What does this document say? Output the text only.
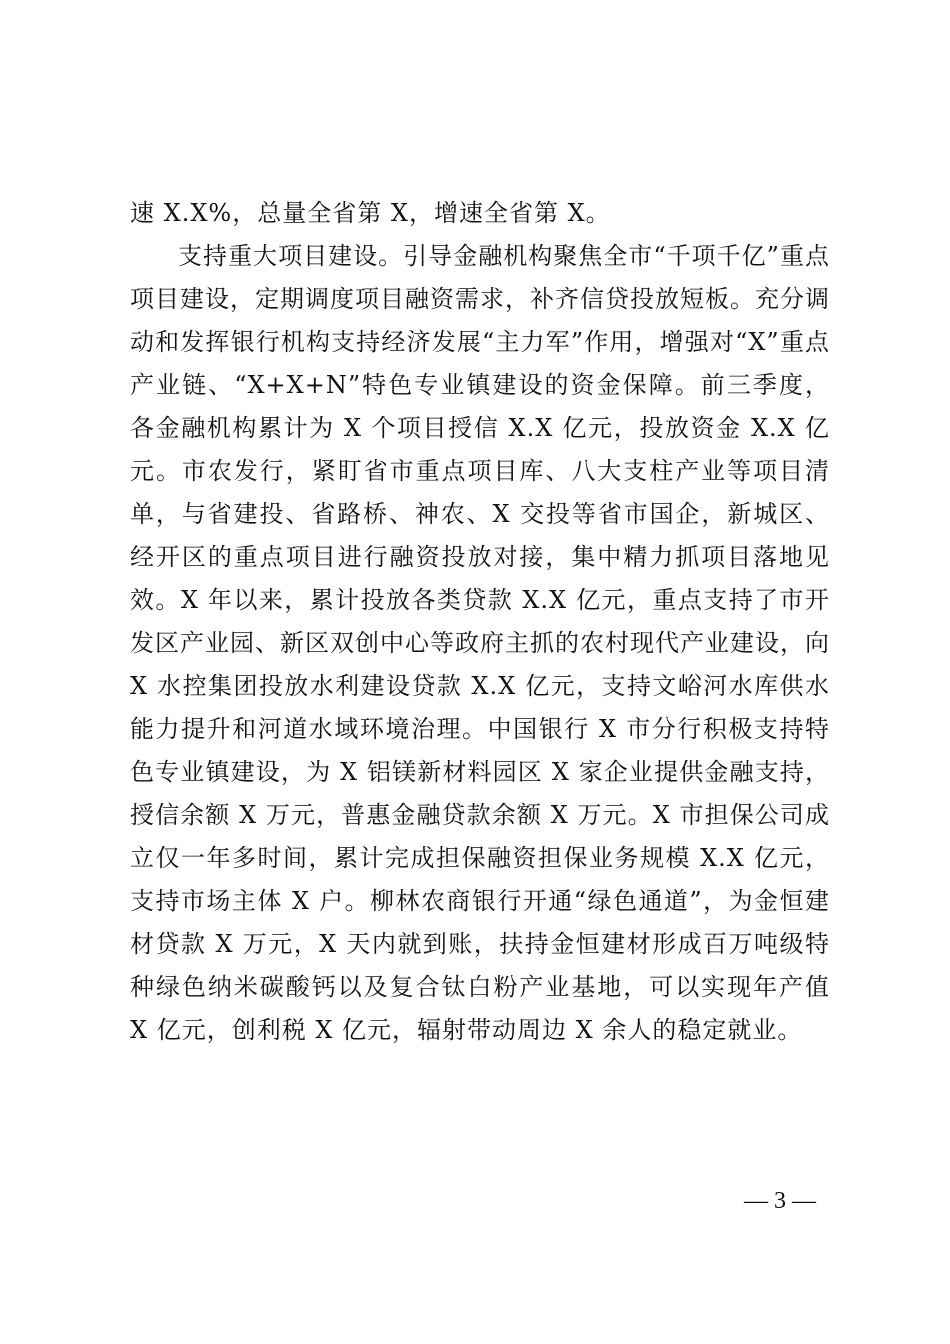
速 X.X%，总量全省第 X，增速全省第 X。

支持重大项目建设。引导金融机构聚焦全市“千项千亿”重点项目建设，定期调度项目融资需求，补齐信贷投放短板。充分调动和发挥银行机构支持经济发展“主力军”作用，增强对“X”重点产业链、“X+X+N”特色专业镇建设的资金保障。前三季度，各金融机构累计为 X 个项目授信 X.X 亿元，投放资金 X.X 亿元。市农发行，紧盯省市重点项目库、八大支柱产业等项目清单，与省建投、省路桥、神农、X 交投等省市国企，新城区、经开区的重点项目进行融资投放对接，集中精力抓项目落地见效。X 年以来，累计投放各类贷款 X.X 亿元，重点支持了市开发区产业园、新区双创中心等政府主抓的农村现代产业建设，向 X 水控集团投放水利建设贷款 X.X 亿元，支持文峪河水库供水能力提升和河道水域环境治理。中国银行 X 市分行积极支持特色专业镇建设，为 X 铝镁新材料园区 X 家企业提供金融支持，授信余额 X 万元，普惠金融贷款余额 X 万元。X 市担保公司成立仅一年多时间，累计完成担保融资担保业务规模 X.X 亿元，支持市场主体 X 户。柳林农商银行开通“绿色通道”，为金恒建材贷款 X 万元，X 天内就到账，扶持金恒建材形成百万吨级特种绿色纳米碳酸钙以及复合钛白粉产业基地，可以实现年产值 X 亿元，创利税 X 亿元，辐射带动周边 X 余人的稳定就业。

— 3 —
